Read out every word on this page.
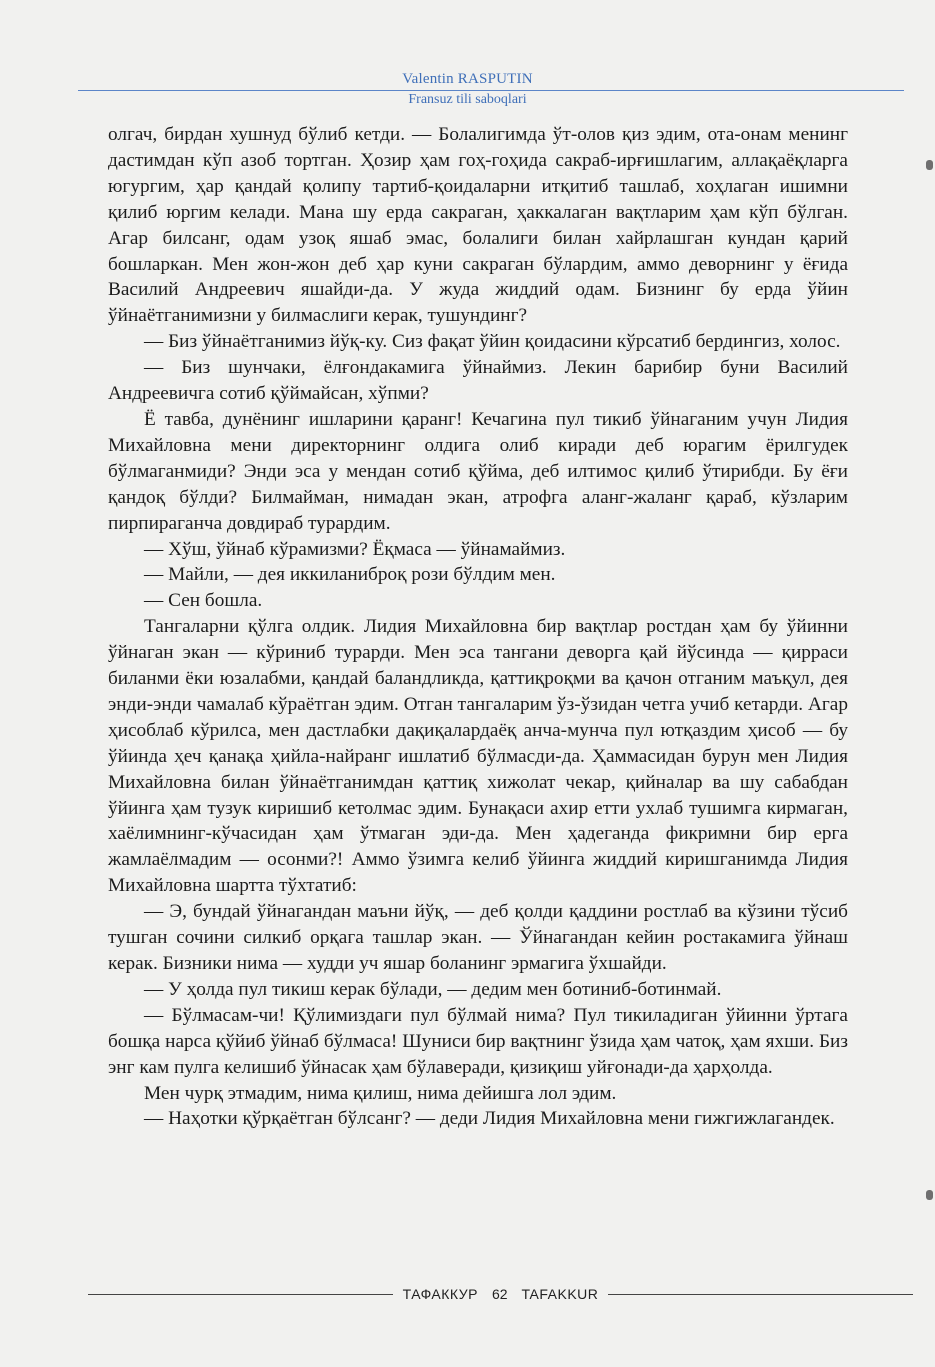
Valentin RASPUTIN
Fransuz tili saboqlari

олгач, бирдан хушнуд бўлиб кетди. — Болалигимда ўт-олов қиз эдим, ота-онам менинг дастимдан кўп азоб тортган. Ҳозир ҳам гоҳ-гоҳида сакраб-ирғишлагим, аллақаёқларга югургим, ҳар қандай қолипу тартиб-қоидаларни итқитиб ташлаб, хоҳлаган ишимни қилиб юргим келади. Мана шу ерда сакраган, ҳаккалаган вақтларим ҳам кўп бўлган. Агар билсанг, одам узоқ яшаб эмас, болалиги билан хайрлашган кундан қарий бошларкан. Мен жон-жон деб ҳар куни сакраган бўлардим, аммо деворнинг у ёғида Василий Андреевич яшайди-да. У жуда жиддий одам. Бизнинг бу ерда ўйин ўйнаётганимизни у билмаслиги керак, тушундинг?

— Биз ўйнаётганимиз йўқ-ку. Сиз фақат ўйин қоидасини кўрсатиб бердингиз, холос.

— Биз шунчаки, ёлғондакамига ўйнаймиз. Лекин барибир буни Василий Андреевичга сотиб қўймайсан, хўпми?

Ё тавба, дунёнинг ишларини қаранг! Кечагина пул тикиб ўйнаганим учун Лидия Михайловна мени директорнинг олдига олиб киради деб юрагим ёрилгудек бўлмаганмиди? Энди эса у мендан сотиб қўйма, деб илтимос қилиб ўтирибди. Бу ёғи қандоқ бўлди? Билмайман, нимадан экан, атрофга аланг-жаланг қараб, кўзларим пирпираганча довдираб турардим.

— Хўш, ўйнаб кўрамизми? Ёқмаса — ўйнамаймиз.

— Майли, — дея иккиланиброқ рози бўлдим мен.

— Сен бошла.

Тангаларни қўлга олдик. Лидия Михайловна бир вақтлар ростдан ҳам бу ўйинни ўйнаган экан — кўриниб турарди. Мен эса тангани деворга қай йўсинда — қирраси биланми ёки юзалабми, қандай баландликда, қаттиқроқми ва қачон отганим маъқул, дея энди-энди чамалаб кўраётган эдим. Отган тангаларим ўз-ўзидан четга учиб кетарди. Агар ҳисоблаб кўрилса, мен дастлабки дақиқалардаёқ анча-мунча пул ютқаздим ҳисоб — бу ўйинда ҳеч қанақа ҳийла-найранг ишлатиб бўлмасди-да. Ҳаммасидан бурун мен Лидия Михайловна билан ўйнаётганимдан қаттиқ хижолат чекар, қийналар ва шу сабабдан ўйинга ҳам тузук киришиб кетолмас эдим. Бунақаси ахир етти ухлаб тушимга кирмаган, хаёлимнинг-кўчасидан ҳам ўтмаган эди-да. Мен ҳадеганда фикримни бир ерга жамлаёлмадим — осонми?! Аммо ўзимга келиб ўйинга жиддий киришганимда Лидия Михайловна шартта тўхтатиб:

— Э, бундай ўйнагандан маъни йўқ, — деб қолди қаддини ростлаб ва кўзини тўсиб тушган сочини силкиб орқага ташлар экан. — Ўйнагандан кейин ростакамига ўйнаш керак. Бизники нима — худди уч яшар боланинг эрмагига ўхшайди.

— У ҳолда пул тикиш керак бўлади, — дедим мен ботиниб-ботинмай.

— Бўлмасам-чи! Қўлимиздаги пул бўлмай нима? Пул тикиладиган ўйинни ўртага бошқа нарса қўйиб ўйнаб бўлмаса! Шуниси бир вақтнинг ўзида ҳам чатоқ, ҳам яхши. Биз энг кам пулга келишиб ўйнасак ҳам бўлаверади, қизиқиш уйғонади-да ҳарҳолда.

Мен чурқ этмадим, нима қилиш, нима дейишга лол эдим.

— Наҳотки қўрқаётган бўлсанг? — деди Лидия Михайловна мени гижгижлагандек.

ТАФАККУР	62	TAFAKKUR
